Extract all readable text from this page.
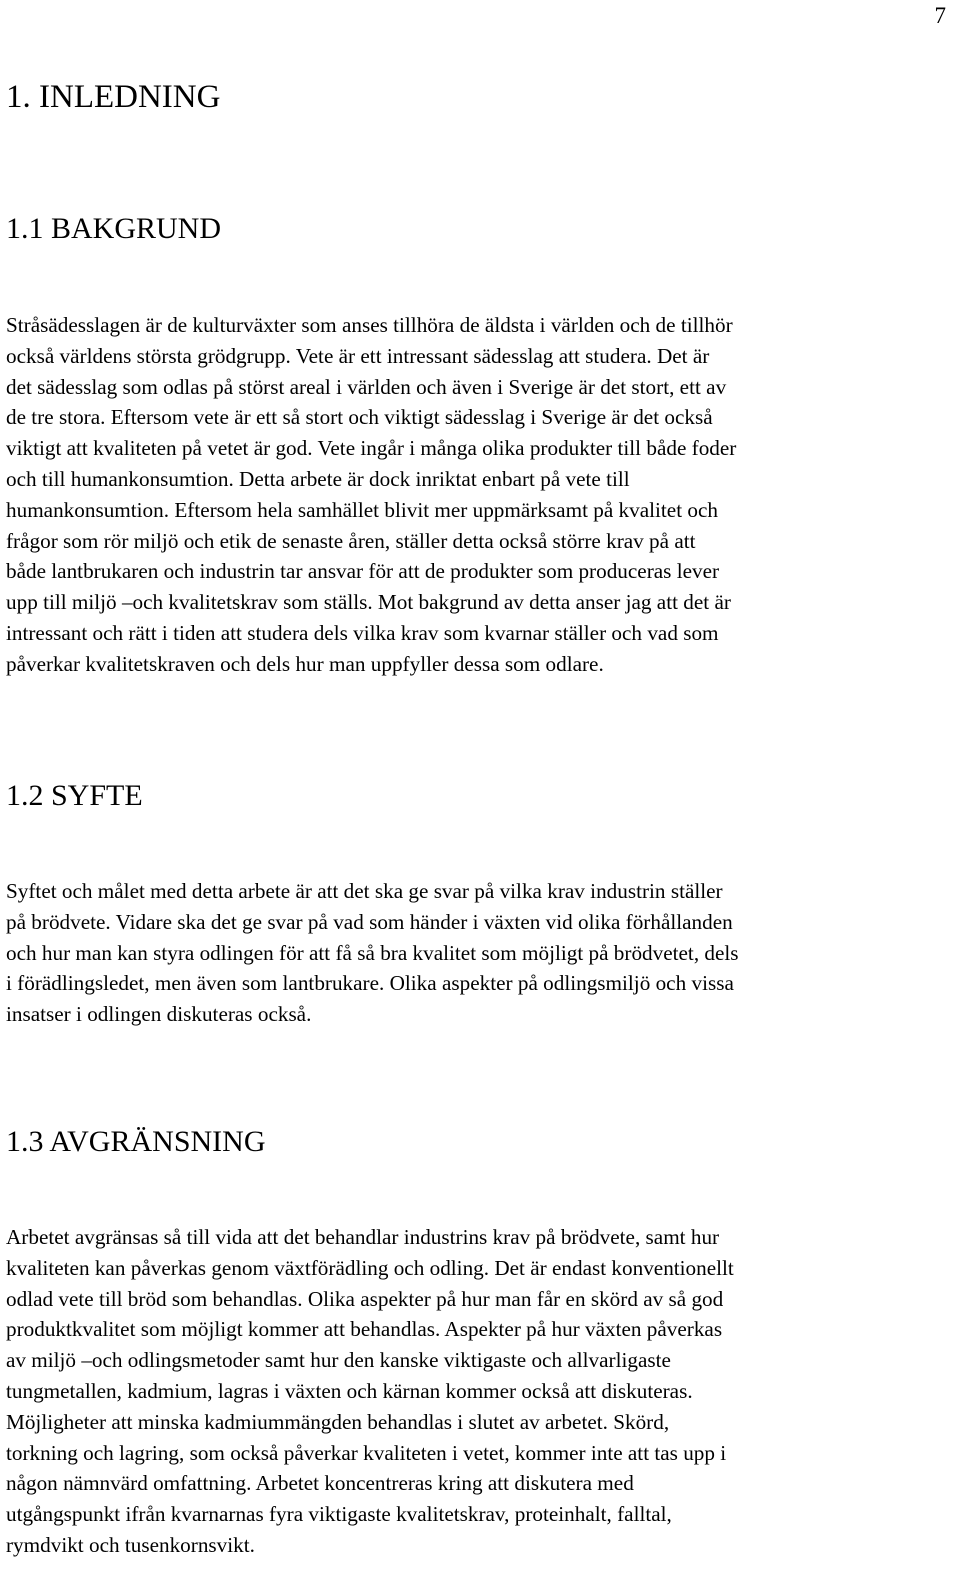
7
1. INLEDNING
1.1 BAKGRUND

Stråsädesslagen är de kulturväxter som anses tillhöra de äldsta i världen och de tillhör
också världens största grödgrupp. Vete är ett intressant sädesslag att studera. Det är
det sädesslag som odlas på störst areal i världen och även i Sverige är det stort, ett av
de tre stora. Eftersom vete är ett så stort och viktigt sädesslag i Sverige är det också
viktigt att kvaliteten på vetet är god. Vete ingår i många olika produkter till både foder
och till humankonsumtion. Detta arbete är dock inriktat enbart på vete till
humankonsumtion. Eftersom hela samhället blivit mer uppmärksamt på kvalitet och
frågor som rör miljö och etik de senaste åren, ställer detta också större krav på att
både lantbrukaren och industrin tar ansvar för att de produkter som produceras lever
upp till miljö –och kvalitetskrav som ställs. Mot bakgrund av detta anser jag att det är
intressant och rätt i tiden att studera dels vilka krav som kvarnar ställer och vad som
påverkar kvalitetskraven och dels hur man uppfyller dessa som odlare.

1.2 SYFTE

Syftet och målet med detta arbete är att det ska ge svar på vilka krav industrin ställer
på brödvete. Vidare ska det ge svar på vad som händer i växten vid olika förhållanden
och hur man kan styra odlingen för att få så bra kvalitet som möjligt på brödvetet, dels
i förädlingsledet, men även som lantbrukare. Olika aspekter på odlingsmiljö och vissa
insatser i odlingen diskuteras också.

1.3 AVGRÄNSNING

Arbetet avgränsas så till vida att det behandlar industrins krav på brödvete, samt hur
kvaliteten kan påverkas genom växtförädling och odling. Det är endast konventionellt
odlad vete till bröd som behandlas. Olika aspekter på hur man får en skörd av så god
produktkvalitet som möjligt kommer att behandlas. Aspekter på hur växten påverkas
av miljö –och odlingsmetoder samt hur den kanske viktigaste och allvarligaste
tungmetallen, kadmium, lagras i växten och kärnan kommer också att diskuteras.
Möjligheter att minska kadmiummängden behandlas i slutet av arbetet. Skörd,
torkning och lagring, som också påverkar kvaliteten i vetet, kommer inte att tas upp i
någon nämnvärd omfattning. Arbetet koncentreras kring att diskutera med
utgångspunkt ifrån kvarnarnas fyra viktigaste kvalitetskrav, proteinhalt, falltal,
rymdvikt och tusenkornsvikt.
